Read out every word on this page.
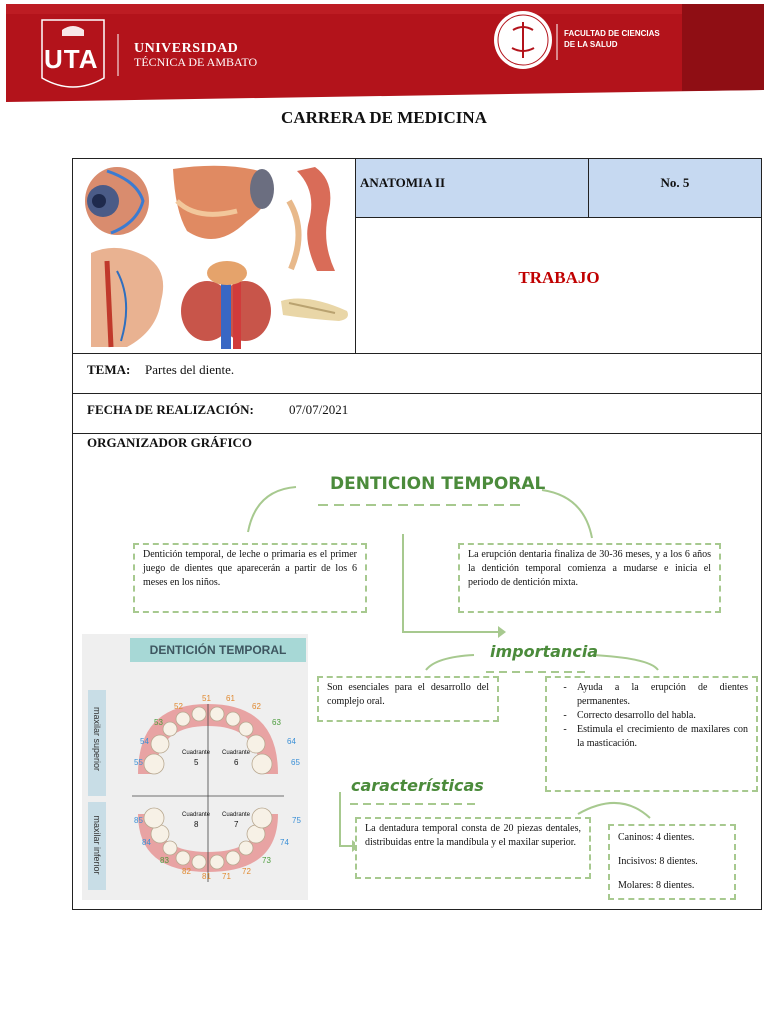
UTA	UNIVERSIDAD
TÉCNICA DE AMBATO
FACULTAD DE CIENCIAS
DE LA SALUD
CARRERA DE MEDICINA
ANATOMIA II	No. 5
TRABAJO
TEMA: Partes del diente.
FECHA DE REALIZACIÓN:	07/07/2021
ORGANIZADOR GRÁFICO
DENTICION TEMPORAL
Dentición temporal, de leche o primaria es el primer juego de dientes que aparecerán a partir de los 6 meses en los niños.
La erupción dentaria finaliza de 30-36 meses, y a los 6 años la dentición temporal comienza a mudarse e inicia el periodo de dentición mixta.
importancia
Son esenciales para el desarrollo del complejo oral.
-	Ayuda a la erupción de dientes permanentes.
-	Correcto desarrollo del habla.
-	Estimula el crecimiento de maxilares con la masticación.
características
La dentadura temporal consta de 20 piezas dentales, distribuidas entre la mandíbula y el maxilar superior.	Caninos: 4 dientes.
Incisivos: 8 dientes.
Molares: 8 dientes.
DENTICIÓN TEMPORAL
maxilar superior
maxilar inferior
Cuadrante
5
Cuadrante
6
Cuadrante
8
Cuadrante
7
55
54
53
52
51 61
62
63
64
65
85
84
83
82
81 71
72
73
74
75
